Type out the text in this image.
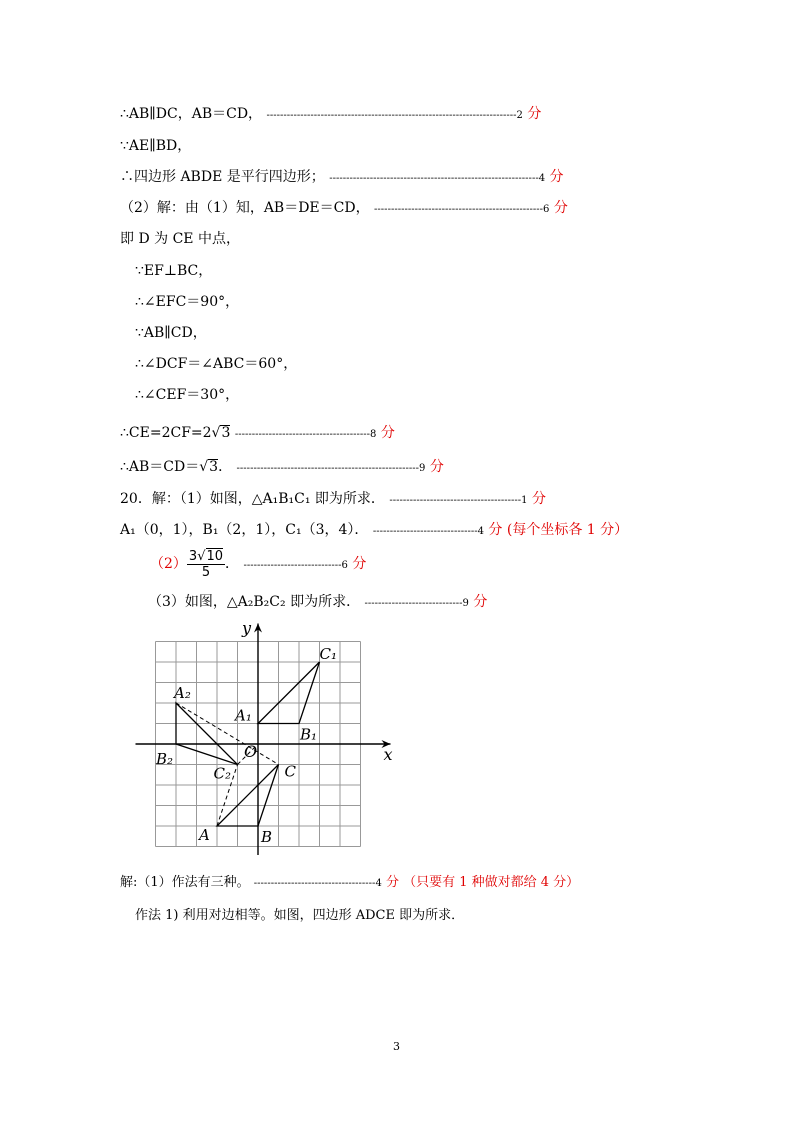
∴AB∥DC，AB＝CD， --------------------------------------------------------------------------2 分
∵AE∥BD，
∴四边形 ABDE 是平行四边形； --------------------------------------------------------------4 分
（2）解：由（1）知，AB＝DE＝CD， --------------------------------------------------6 分
即 D 为 CE 中点，
∵EF⊥BC，
∴∠EFC＝90°，
∵AB∥CD，
∴∠DCF＝∠ABC＝60°，
∴∠CEF＝30°，
∴CE=2CF=2√3 ----------------------------------------8 分
∴AB＝CD＝√3． ------------------------------------------------------9 分
20．解：（1）如图，△A₁B₁C₁ 即为所求． ---------------------------------------1 分
A₁（0，1），B₁（2，1），C₁（3，4）． -------------------------------4 分 (每个坐标各 1 分）
$(2) \frac{3√10}{5}$ ． -----------------------------6 分
（3）如图，△A₂B₂C₂ 即为所求． -----------------------------9 分
x
y
O
A	B
C
A₁
B₁
C₁
A₂
B₂
C₂
解:（1）作法有三种。 ------------------------------------4 分 （只要有 1 种做对都给 4 分）
作法 1) 利用对边相等。如图，四边形 ADCE 即为所求．
3
